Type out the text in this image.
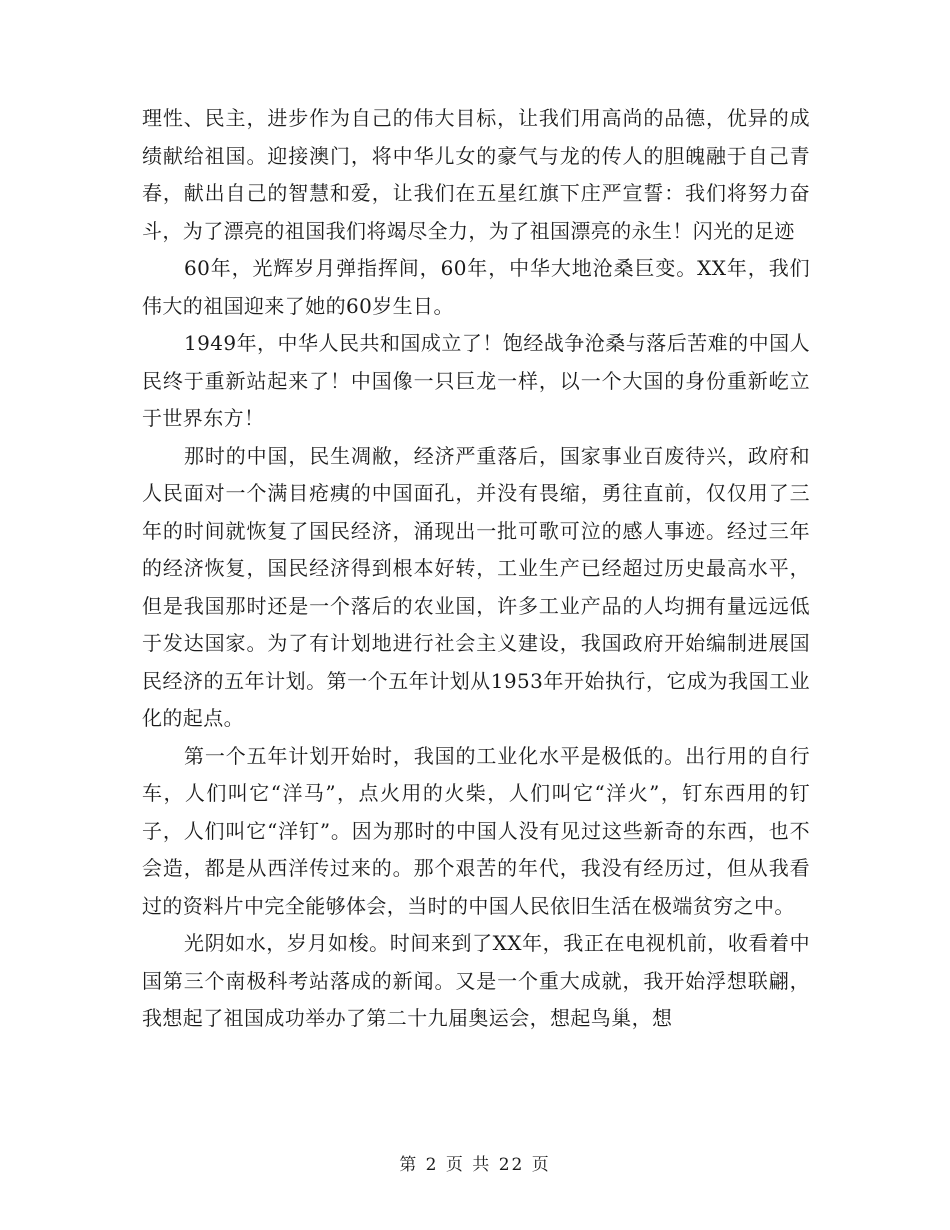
理性、民主，进步作为自己的伟大目标，让我们用高尚的品德，优异的成绩献给祖国。迎接澳门，将中华儿女的豪气与龙的传人的胆魄融于自己青春，献出自己的智慧和爱，让我们在五星红旗下庄严宣誓：我们将努力奋斗，为了漂亮的祖国我们将竭尽全力，为了祖国漂亮的永生！闪光的足迹

60年，光辉岁月弹指挥间，60年，中华大地沧桑巨变。XX年，我们伟大的祖国迎来了她的60岁生日。

1949年，中华人民共和国成立了！饱经战争沧桑与落后苦难的中国人民终于重新站起来了！中国像一只巨龙一样，以一个大国的身份重新屹立于世界东方！

那时的中国，民生凋敝，经济严重落后，国家事业百废待兴，政府和人民面对一个满目疮痍的中国面孔，并没有畏缩，勇往直前，仅仅用了三年的时间就恢复了国民经济，涌现出一批可歌可泣的感人事迹。经过三年的经济恢复，国民经济得到根本好转，工业生产已经超过历史最高水平，但是我国那时还是一个落后的农业国，许多工业产品的人均拥有量远远低于发达国家。为了有计划地进行社会主义建设，我国政府开始编制进展国民经济的五年计划。第一个五年计划从1953年开始执行，它成为我国工业化的起点。

第一个五年计划开始时，我国的工业化水平是极低的。出行用的自行车，人们叫它“洋马”，点火用的火柴，人们叫它“洋火”，钉东西用的钉子，人们叫它“洋钉”。因为那时的中国人没有见过这些新奇的东西，也不会造，都是从西洋传过来的。那个艰苦的年代，我没有经历过，但从我看过的资料片中完全能够体会，当时的中国人民依旧生活在极端贫穷之中。

光阴如水，岁月如梭。时间来到了XX年，我正在电视机前，收看着中国第三个南极科考站落成的新闻。又是一个重大成就，我开始浮想联翩，我想起了祖国成功举办了第二十九届奥运会，想起鸟巢，想

第 2 页 共 22 页
